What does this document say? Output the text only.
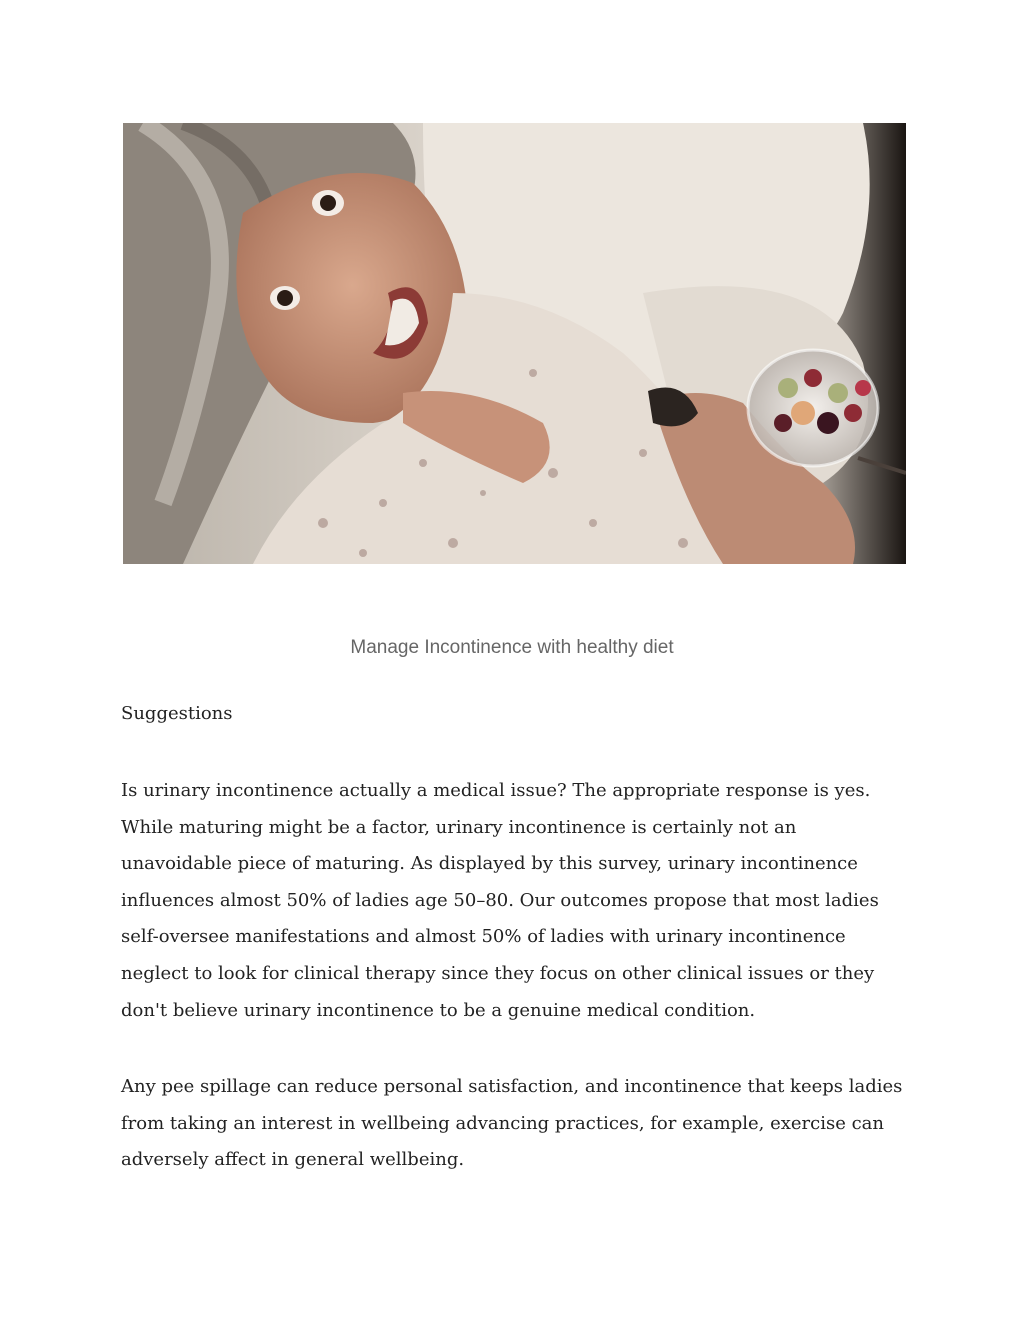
Manage Incontinence with healthy diet
Suggestions

Is urinary incontinence actually a medical issue? The appropriate response is yes. While maturing might be a factor, urinary incontinence is certainly not an unavoidable piece of maturing. As displayed by this survey, urinary incontinence influences almost 50% of ladies age 50–80. Our outcomes propose that most ladies self-oversee manifestations and almost 50% of ladies with urinary incontinence neglect to look for clinical therapy since they focus on other clinical issues or they don't believe urinary incontinence to be a genuine medical condition.

Any pee spillage can reduce personal satisfaction, and incontinence that keeps ladies from taking an interest in wellbeing advancing practices, for example, exercise can adversely affect in general wellbeing.
